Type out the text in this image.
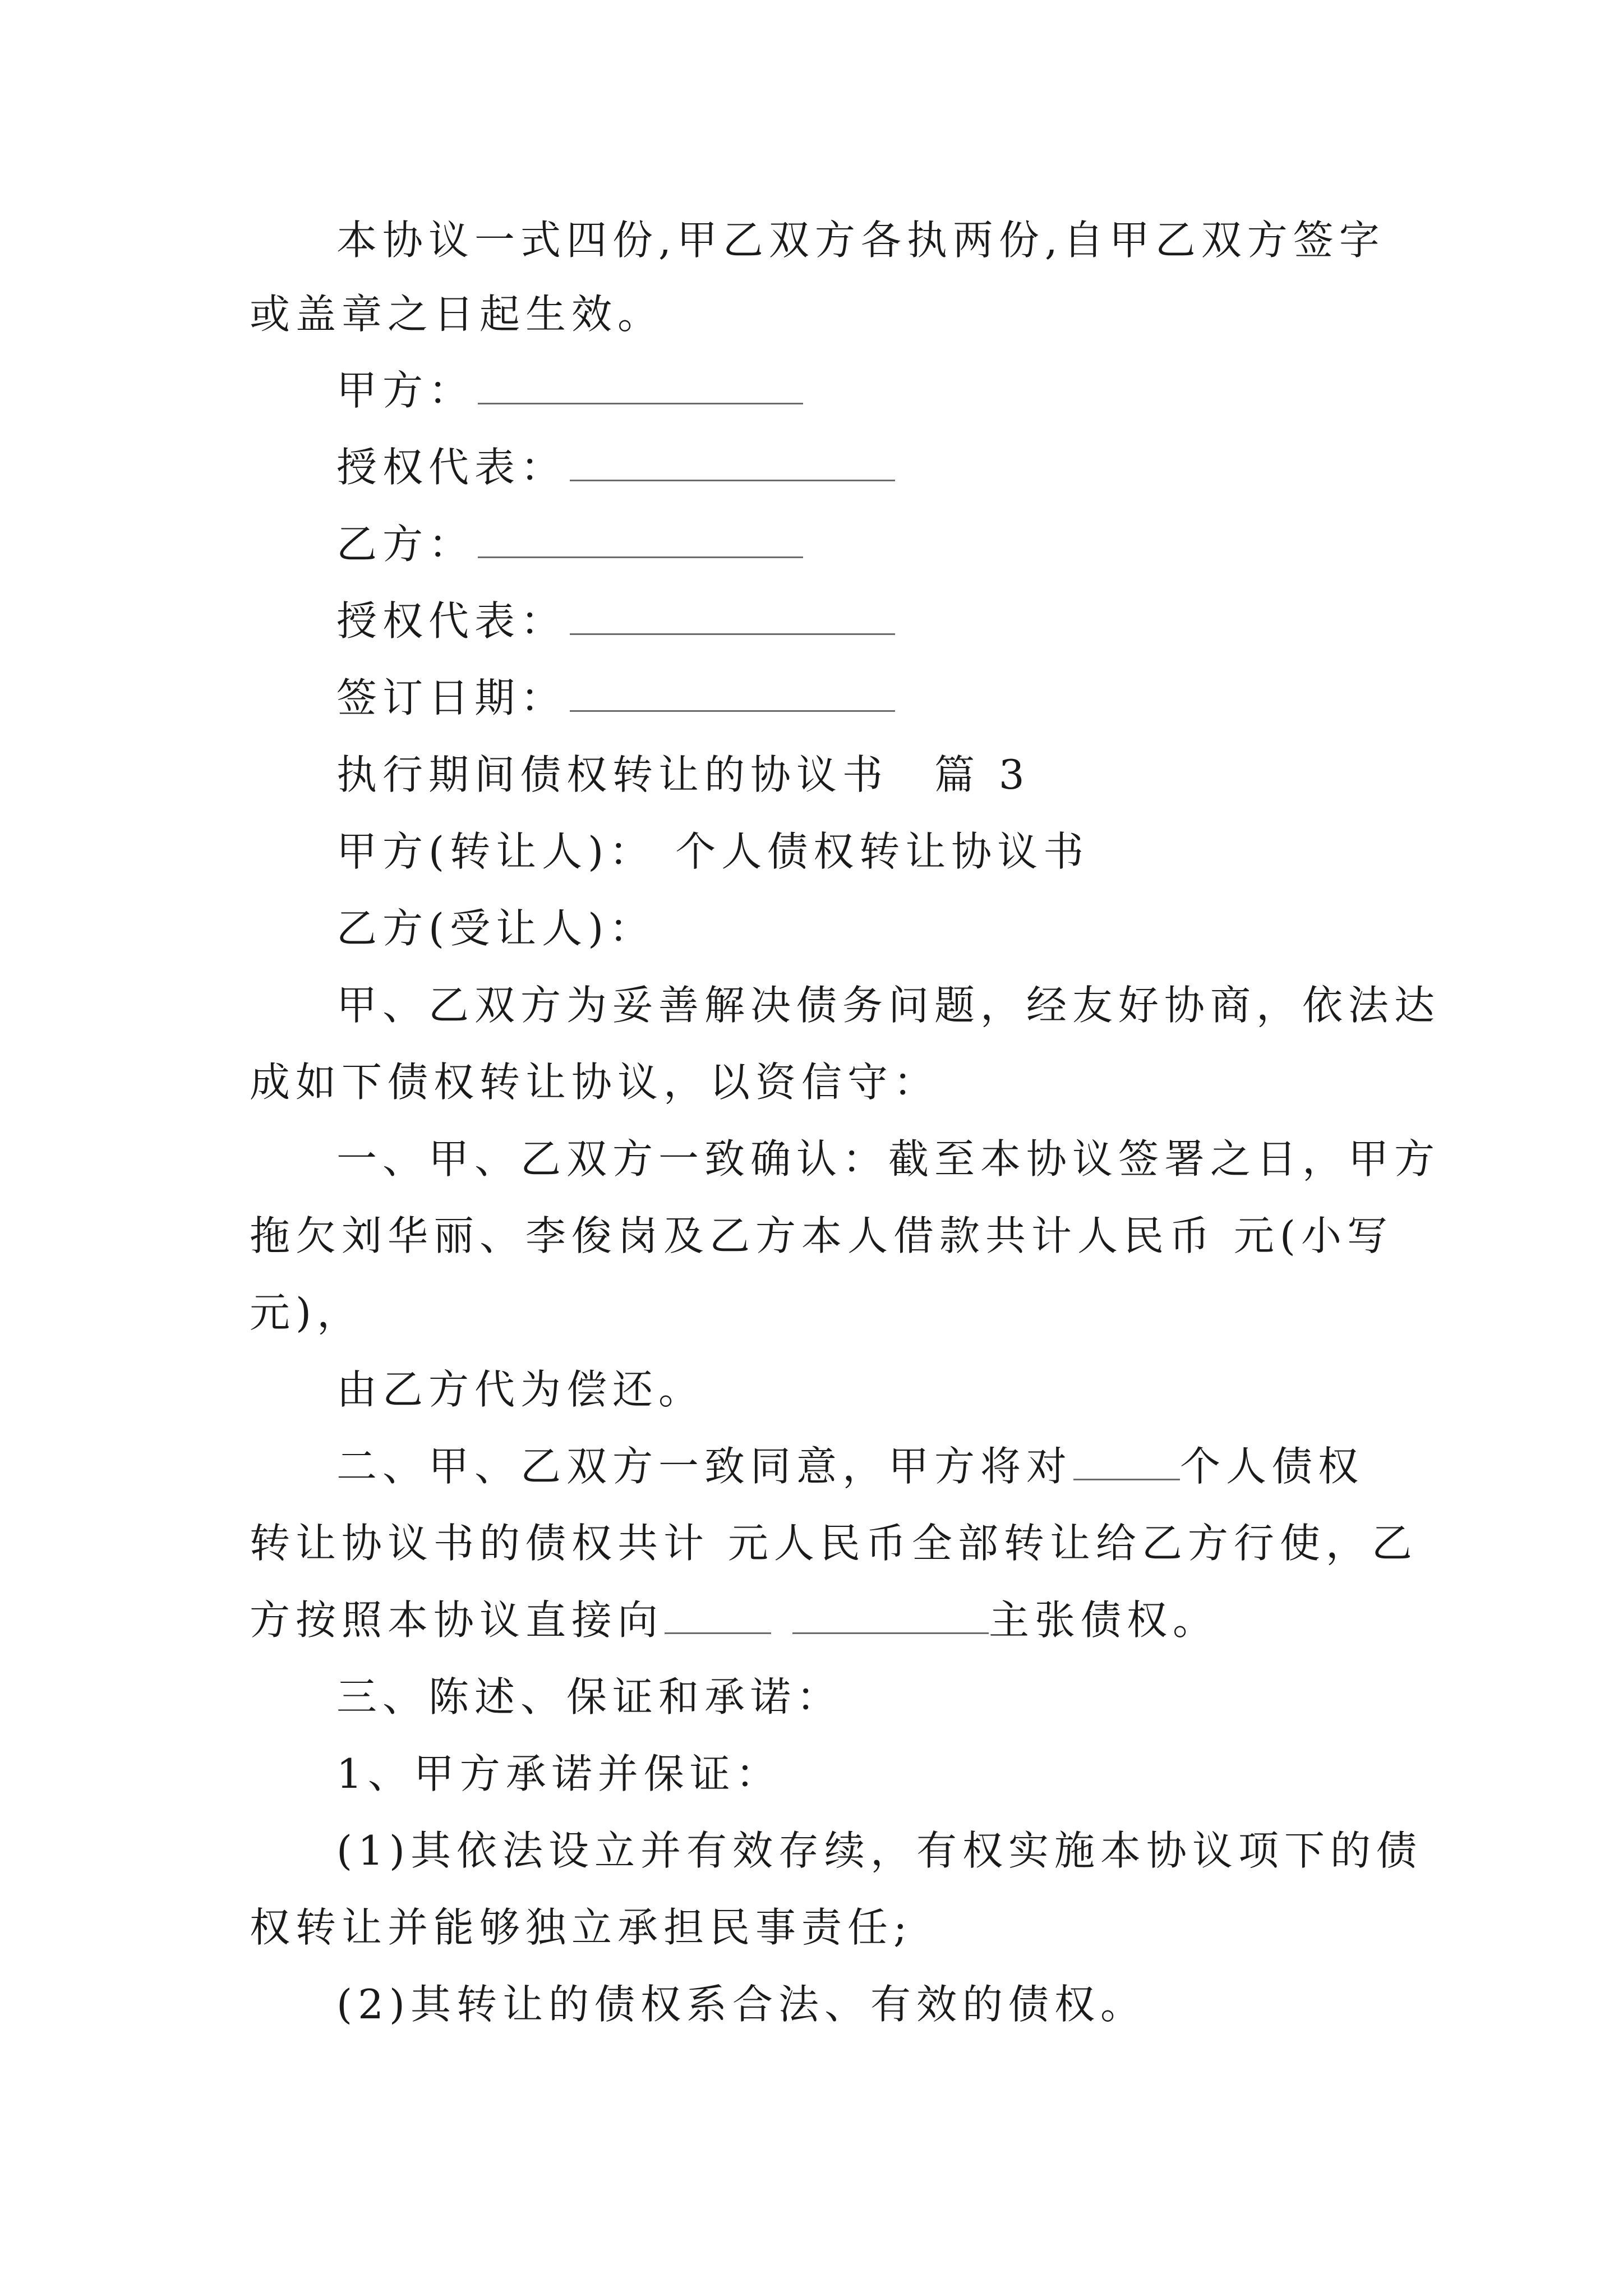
本协议一式四份,甲乙双方各执两份,自甲乙双方签字
或盖章之日起生效。
甲方：
授权代表：
乙方：
授权代表：
签订日期：
执行期间债权转让的协议书　篇 3
甲方(转让人)： 个人债权转让协议书
乙方(受让人)：
甲、乙双方为妥善解决债务问题，经友好协商，依法达
成如下债权转让协议，以资信守：
一、甲、乙双方一致确认：截至本协议签署之日，甲方
拖欠刘华丽、李俊岗及乙方本人借款共计人民币 元(小写
元)，
由乙方代为偿还。
二、甲、乙双方一致同意，甲方将对	个人债权
转让协议书的债权共计 元人民币全部转让给乙方行使，乙
方按照本协议直接向	主张债权。
三、陈述、保证和承诺：
1、甲方承诺并保证：
(1)其依法设立并有效存续，有权实施本协议项下的债
权转让并能够独立承担民事责任;
(2)其转让的债权系合法、有效的债权。
